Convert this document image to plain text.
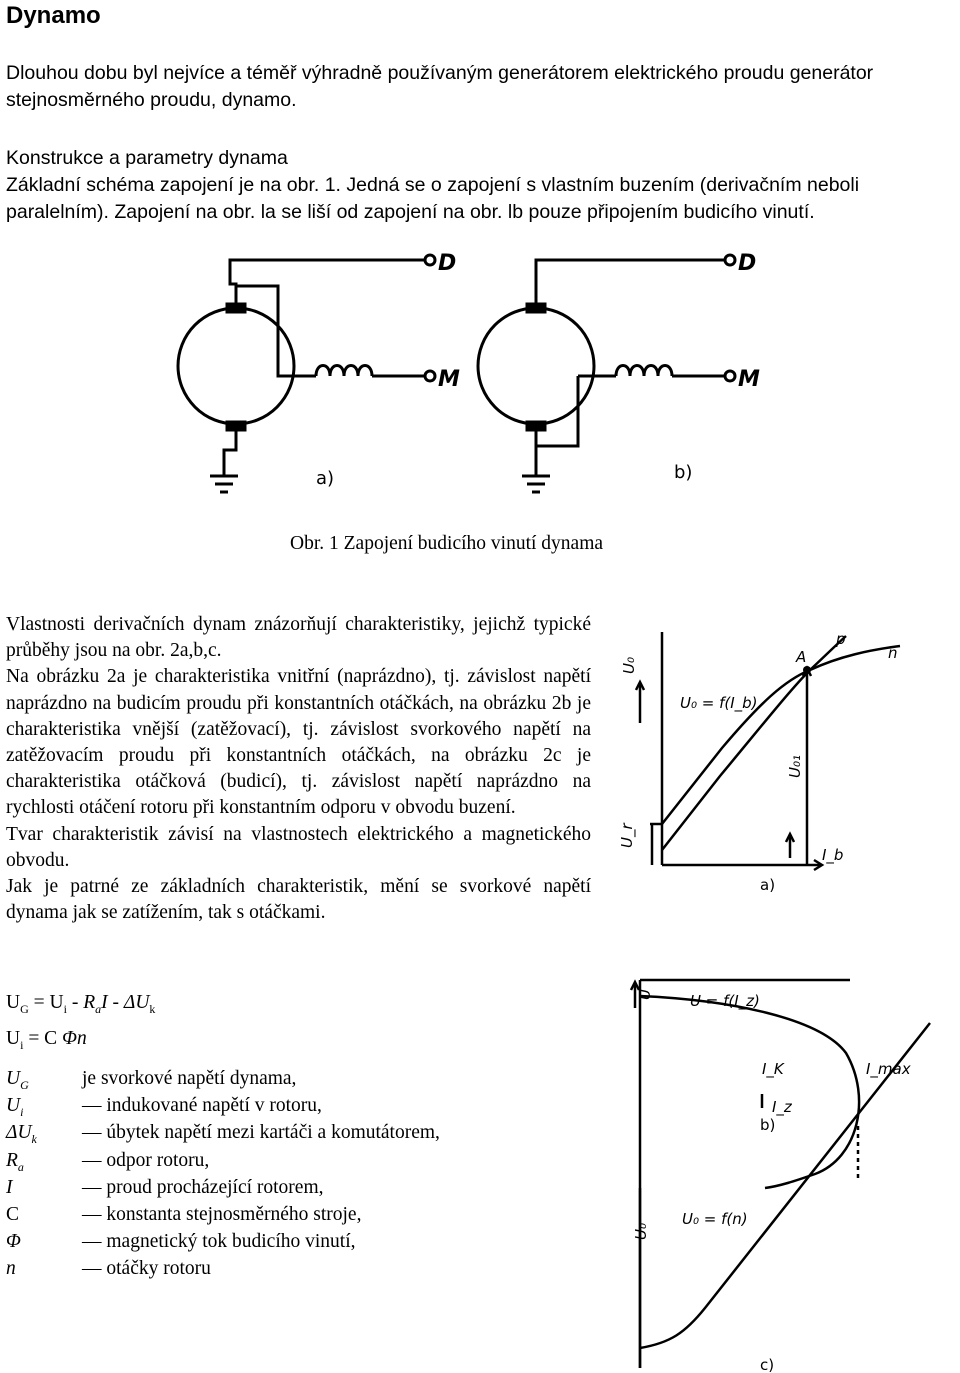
Dynamo

Dlouhou dobu byl nejvíce a téměř výhradně používaným generátorem elektrického proudu generátor stejnosměrného proudu, dynamo.

Konstrukce a parametry dynama

Základní schéma zapojení je na obr. 1. Jedná se o zapojení s vlastním buzením (derivačním neboli

paralelním). Zapojení na obr. la se liší od zapojení na obr. lb pouze připojením budicího vinutí.

D
M
D
M
a)	b)
Obr. 1 Zapojení budicího vinutí dynama

Vlastnosti derivačních dynam znázorňují charakteristiky, jejichž typické průběhy jsou na obr. 2a,b,c.

Na obrázku 2a je charakteristika vnitřní (naprázdno), tj. závislost napětí naprázdno na budicím proudu při konstantních otáčkách, na obrázku 2b je charakteristika vnější (zatěžovací), tj. závislost svorkového napětí na zatěžovacím proudu při konstantních otáčkách, na obrázku 2c je charakteristika otáčková (budicí), tj. závislost napětí naprázdno na rychlosti otáčení rotoru při konstantním odporu v obvodu buzení.

Tvar charakteristik závisí na vlastnostech elektrického a magnetického obvodu.

Jak je patrné ze základních charakteristik, mění se svorkové napětí dynama jak se zatížením, tak s otáčkami.

$U_G = U_i - R_aI - \Delta U_k$
$U_i = C$ Φn
$U_G$	je svorkové napětí dynama,
$U_i$	— indukované napětí v rotoru,
$\Delta U_k$ — úbytek napětí mezi kartáči a komutátorem,
$R_a$	— odpor rotoru,
I	— proud procházející rotorem,
C	— konstanta stejnosměrného stroje,
Φ	— magnetický tok budicího vinutí,
n	— otáčky rotoru
U₀
U₀ = f(I_b)
p
n
A
U₀₁
U_r
I_b
a)
U U = f(I_z)
I_K	I_max
I_z
b)
U₀
U₀ = f(n)
c)
